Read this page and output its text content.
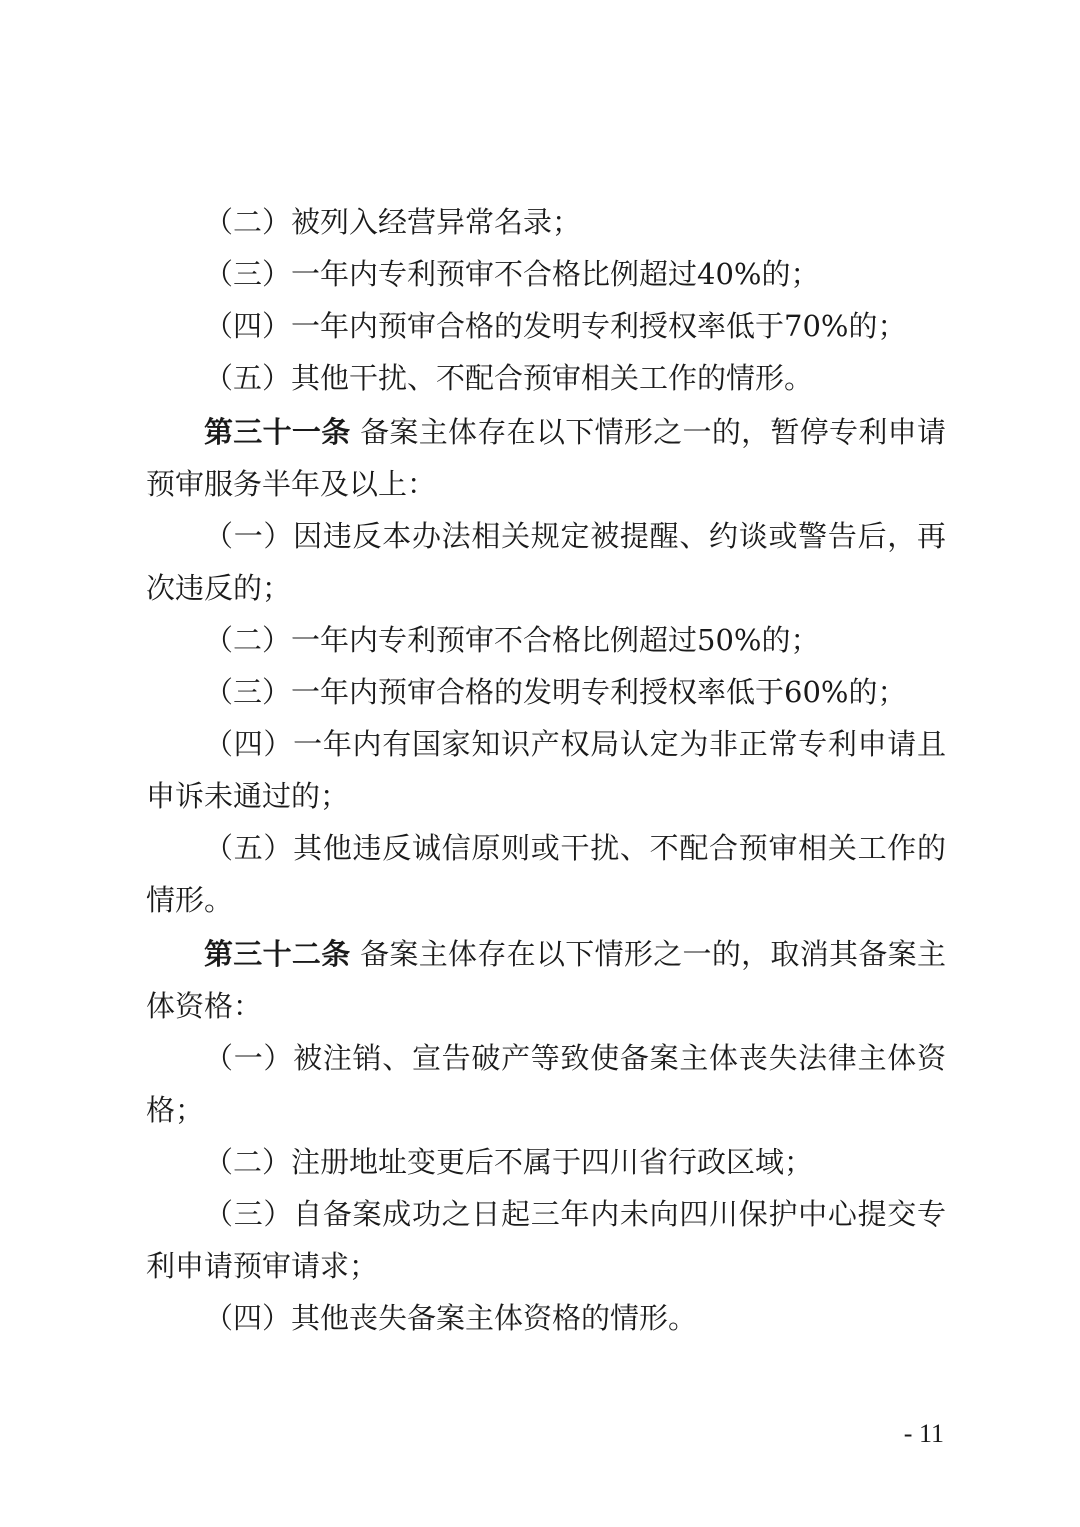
（二）被列入经营异常名录；
（三）一年内专利预审不合格比例超过40%的；
（四）一年内预审合格的发明专利授权率低于70%的；
（五）其他干扰、不配合预审相关工作的情形。
第三十一条 备案主体存在以下情形之一的，暂停专利申请
预审服务半年及以上：
（一）因违反本办法相关规定被提醒、约谈或警告后，再
次违反的；
（二）一年内专利预审不合格比例超过50%的；
（三）一年内预审合格的发明专利授权率低于60%的；
（四）一年内有国家知识产权局认定为非正常专利申请且
申诉未通过的；
（五）其他违反诚信原则或干扰、不配合预审相关工作的
情形。
第三十二条 备案主体存在以下情形之一的，取消其备案主
体资格：
（一）被注销、宣告破产等致使备案主体丧失法律主体资
格；
（二）注册地址变更后不属于四川省行政区域；
（三）自备案成功之日起三年内未向四川保护中心提交专
利申请预审请求；
（四）其他丧失备案主体资格的情形。
- 11
